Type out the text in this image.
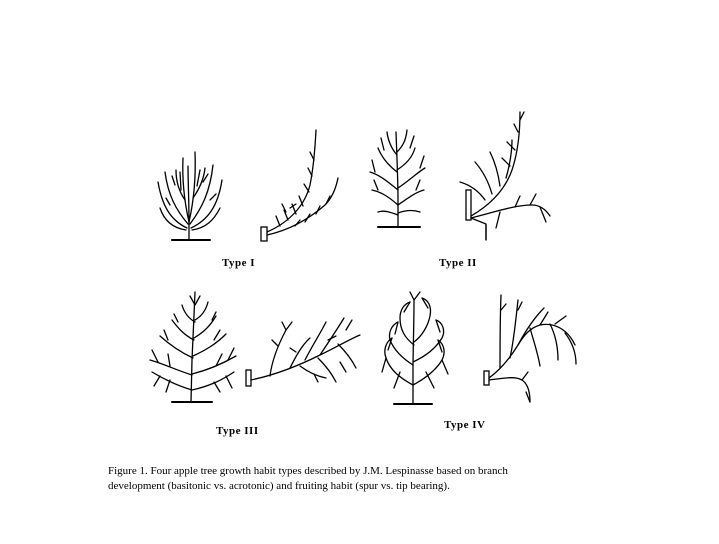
Type I	Type II
Type III	Type IV
Figure 1. Four apple tree growth habit types described by J.M. Lespinasse based on branch
development (basitonic vs. acrotonic) and fruiting habit (spur vs. tip bearing).
